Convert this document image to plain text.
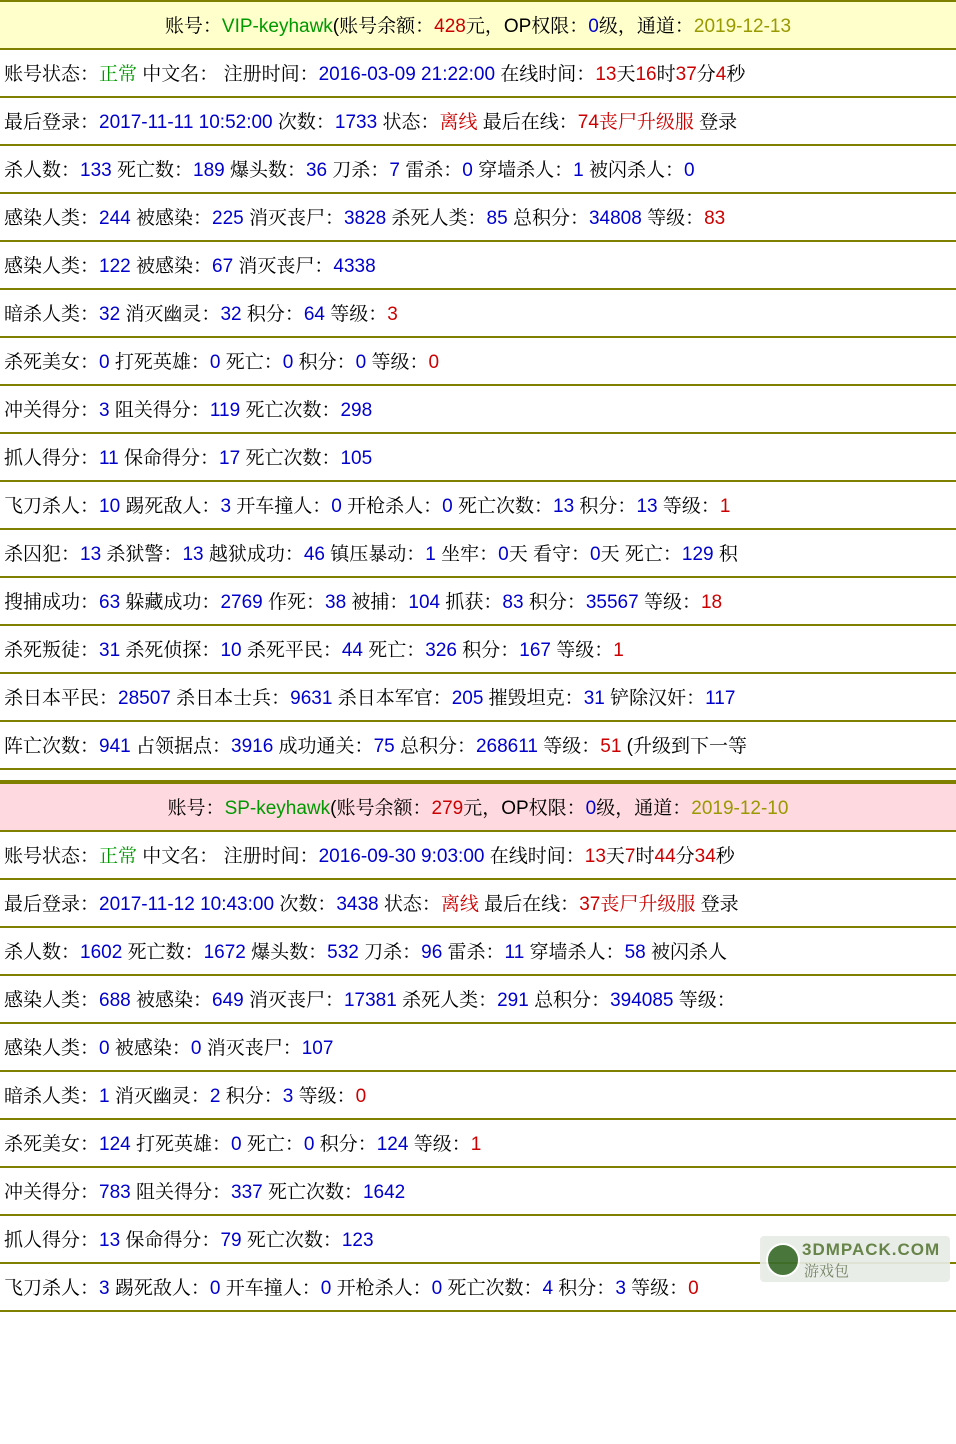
账号：VIP-keyhawk(账号余额：428元，OP权限：0级，通道：2019-12-13
账号状态：正常 中文名： 注册时间：2016-03-09 21:22:00 在线时间：13天16时37分4秒
最后登录：2017-11-11 10:52:00 次数：1733 状态：离线 最后在线：74丧尸升级服 登录
杀人数：133 死亡数：189 爆头数：36 刀杀：7 雷杀：0 穿墙杀人：1 被闪杀人：0
感染人类：244 被感染：225 消灭丧尸：3828 杀死人类：85 总积分：34808 等级：83
感染人类：122 被感染：67 消灭丧尸：4338
暗杀人类：32 消灭幽灵：32 积分：64 等级：3
杀死美女：0 打死英雄：0 死亡：0 积分：0 等级：0
冲关得分：3 阻关得分：119 死亡次数：298
抓人得分：11 保命得分：17 死亡次数：105
飞刀杀人：10 踢死敌人：3 开车撞人：0 开枪杀人：0 死亡次数：13 积分：13 等级：1
杀囚犯：13 杀狱警：13 越狱成功：46 镇压暴动：1 坐牢：0天 看守：0天 死亡：129 积
搜捕成功：63 躲藏成功：2769 作死：38 被捕：104 抓获：83 积分：35567 等级：18
杀死叛徒：31 杀死侦探：10 杀死平民：44 死亡：326 积分：167 等级：1
杀日本平民：28507 杀日本士兵：9631 杀日本军官：205 摧毁坦克：31 铲除汉奸：117
阵亡次数：941 占领据点：3916 成功通关：75 总积分：268611 等级：51 (升级到下一等
账号：SP-keyhawk(账号余额：279元，OP权限：0级，通道：2019-12-10
账号状态：正常 中文名： 注册时间：2016-09-30 9:03:00 在线时间：13天7时44分34秒
最后登录：2017-11-12 10:43:00 次数：3438 状态：离线 最后在线：37丧尸升级服 登录
杀人数：1602 死亡数：1672 爆头数：532 刀杀：96 雷杀：11 穿墙杀人：58 被闪杀人
感染人类：688 被感染：649 消灭丧尸：17381 杀死人类：291 总积分：394085 等级：
感染人类：0 被感染：0 消灭丧尸：107
暗杀人类：1 消灭幽灵：2 积分：3 等级：0
杀死美女：124 打死英雄：0 死亡：0 积分：124 等级：1
冲关得分：783 阻关得分：337 死亡次数：1642
抓人得分：13 保命得分：79 死亡次数：123
飞刀杀人：3 踢死敌人：0 开车撞人：0 开枪杀人：0 死亡次数：4 积分：3 等级：0
3DMPACK.COM
游戏包
